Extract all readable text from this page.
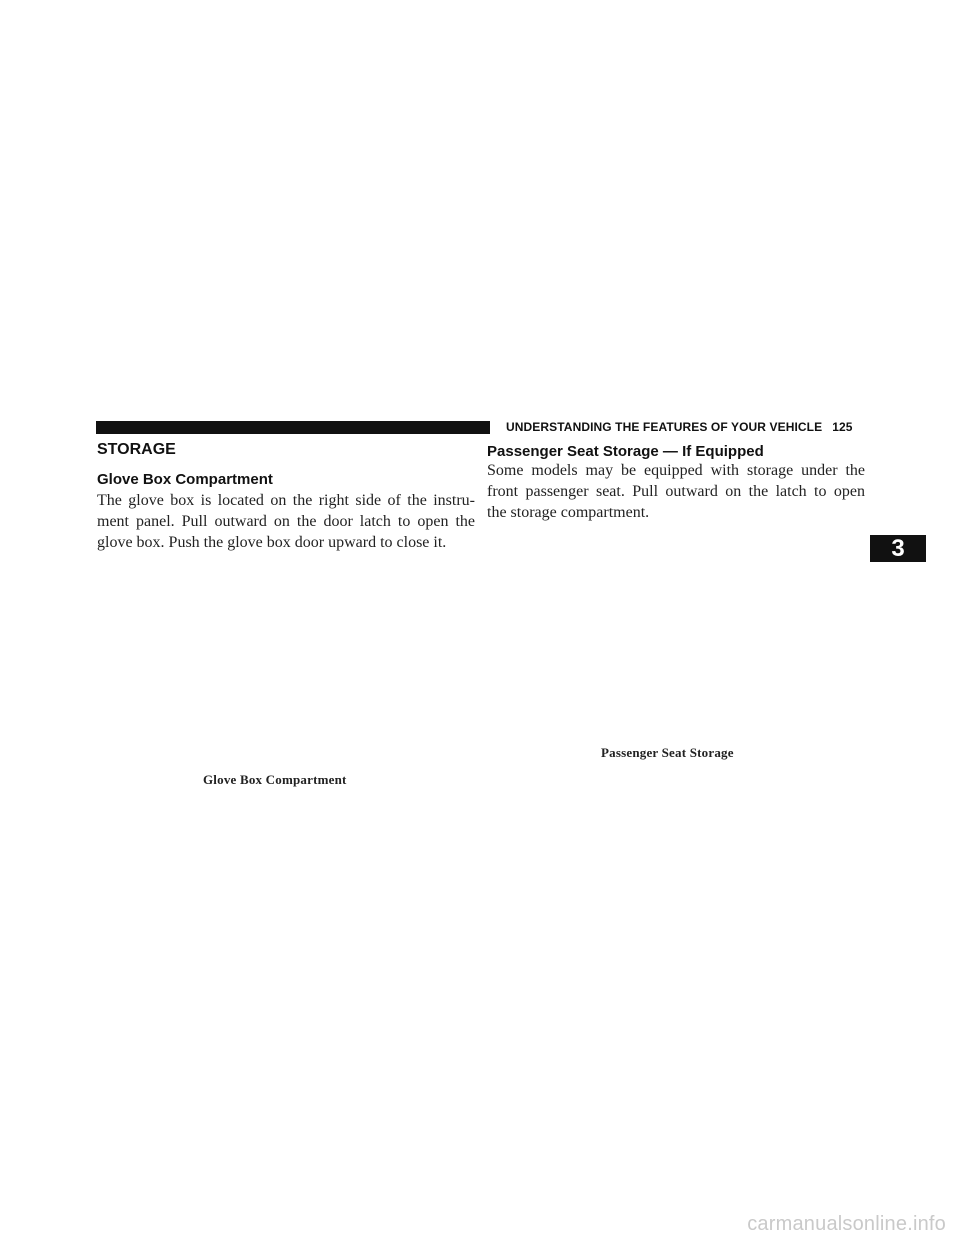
UNDERSTANDING THE FEATURES OF YOUR VEHICLE 125
STORAGE
Glove Box Compartment
The glove box is located on the right side of the instru-
ment panel. Pull outward on the door latch to open the
glove box. Push the glove box door upward to close it.
Passenger Seat Storage — If Equipped
Some models may be equipped with storage under the
front passenger seat. Pull outward on the latch to open
the storage compartment.
Passenger Seat Storage
Glove Box Compartment
3
carmanualsonline.info
